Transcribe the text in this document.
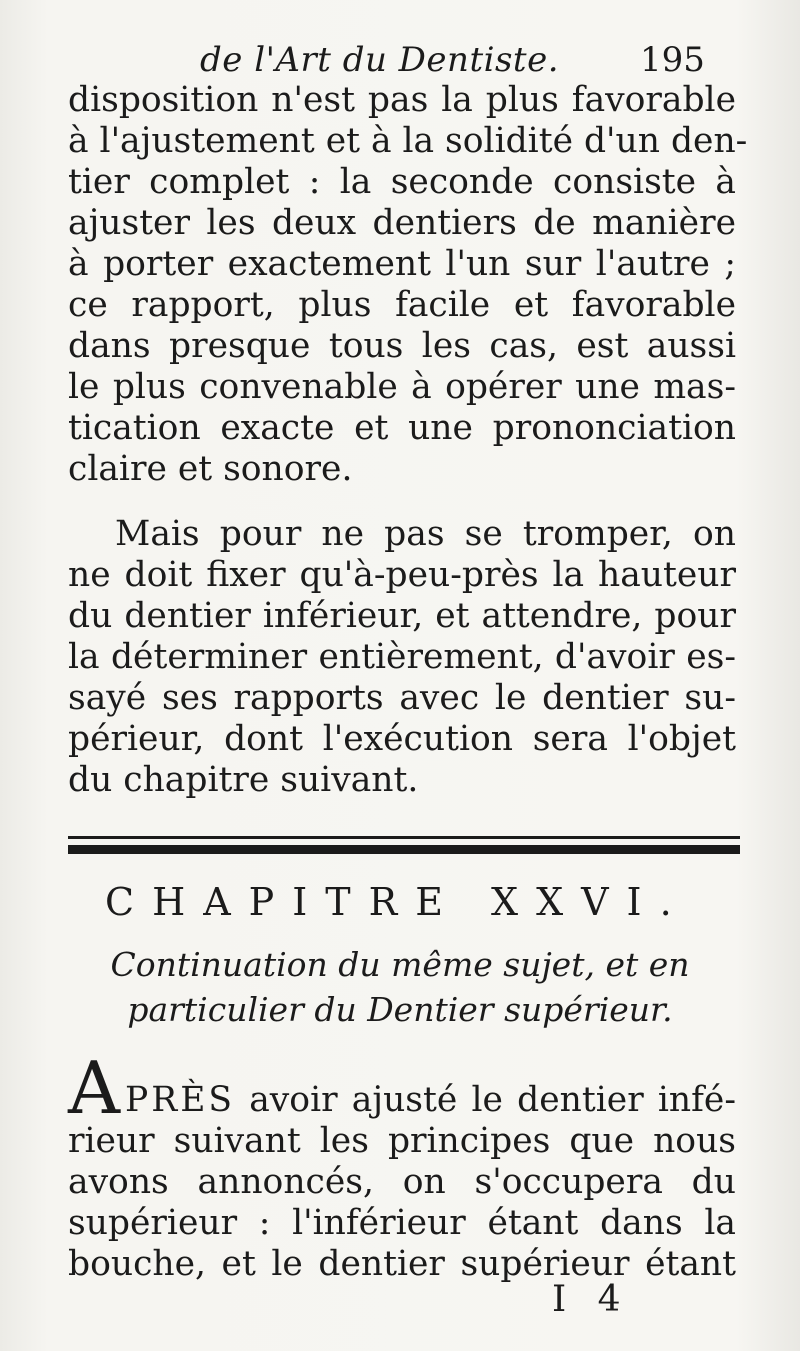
de l'Art du Dentiste. 195
disposition n'est pas la plus favorable
à l'ajustement et à la solidité d'un den-
tier complet : la seconde consiste à
ajuster les deux dentiers de manière
à porter exactement l'un sur l'autre ;
ce rapport, plus facile et favorable
dans presque tous les cas, est aussi
le plus convenable à opérer une mas-
tication exacte et une prononciation
claire et sonore.
Mais pour ne pas se tromper, on
ne doit fixer qu'à-peu-près la hauteur
du dentier inférieur, et attendre, pour
la déterminer entièrement, d'avoir es-
sayé ses rapports avec le dentier su-
périeur, dont l'exécution sera l'objet
du chapitre suivant.
CHAPITRE XXVI.
Continuation du même sujet, et en
particulier du Dentier supérieur.
A PRÈS avoir ajusté le dentier infé-
rieur suivant les principes que nous
avons annoncés, on s'occupera du
supérieur : l'inférieur étant dans la
bouche, et le dentier supérieur étant
I 4
